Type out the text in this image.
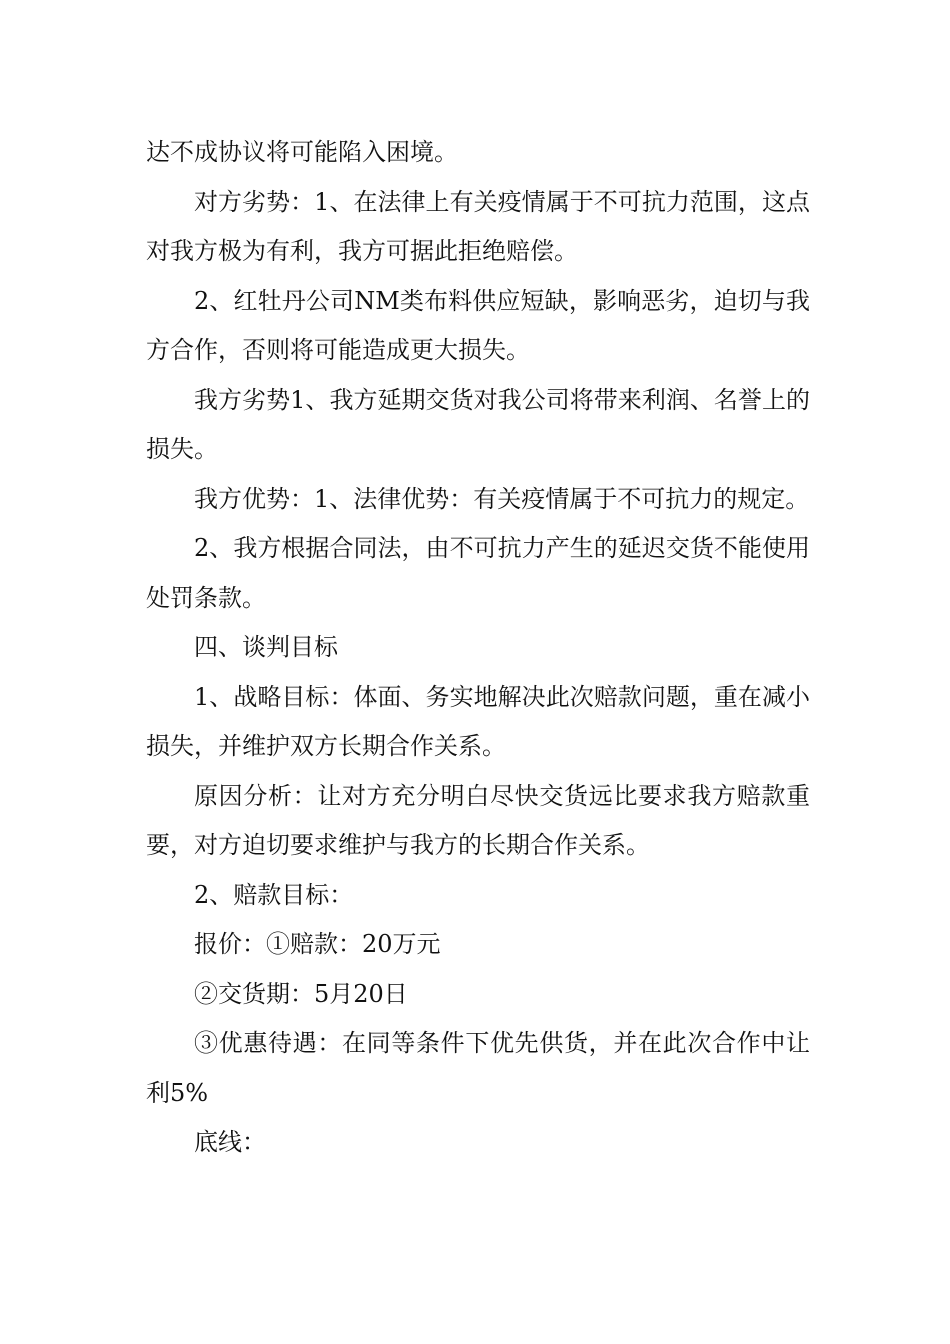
达不成协议将可能陷入困境。

对方劣势：1、在法律上有关疫情属于不可抗力范围，这点对我方极为有利，我方可据此拒绝赔偿。

2、红牡丹公司NM类布料供应短缺，影响恶劣，迫切与我方合作，否则将可能造成更大损失。

我方劣势1、我方延期交货对我公司将带来利润、名誉上的损失。

我方优势：1、法律优势：有关疫情属于不可抗力的规定。

2、我方根据合同法，由不可抗力产生的延迟交货不能使用处罚条款。

四、谈判目标

1、战略目标：体面、务实地解决此次赔款问题，重在减小损失，并维护双方长期合作关系。

原因分析：让对方充分明白尽快交货远比要求我方赔款重要，对方迫切要求维护与我方的长期合作关系。

2、赔款目标：

报价：①赔款：20万元

②交货期：5月20日

③优惠待遇：在同等条件下优先供货，并在此次合作中让利5%

底线：
